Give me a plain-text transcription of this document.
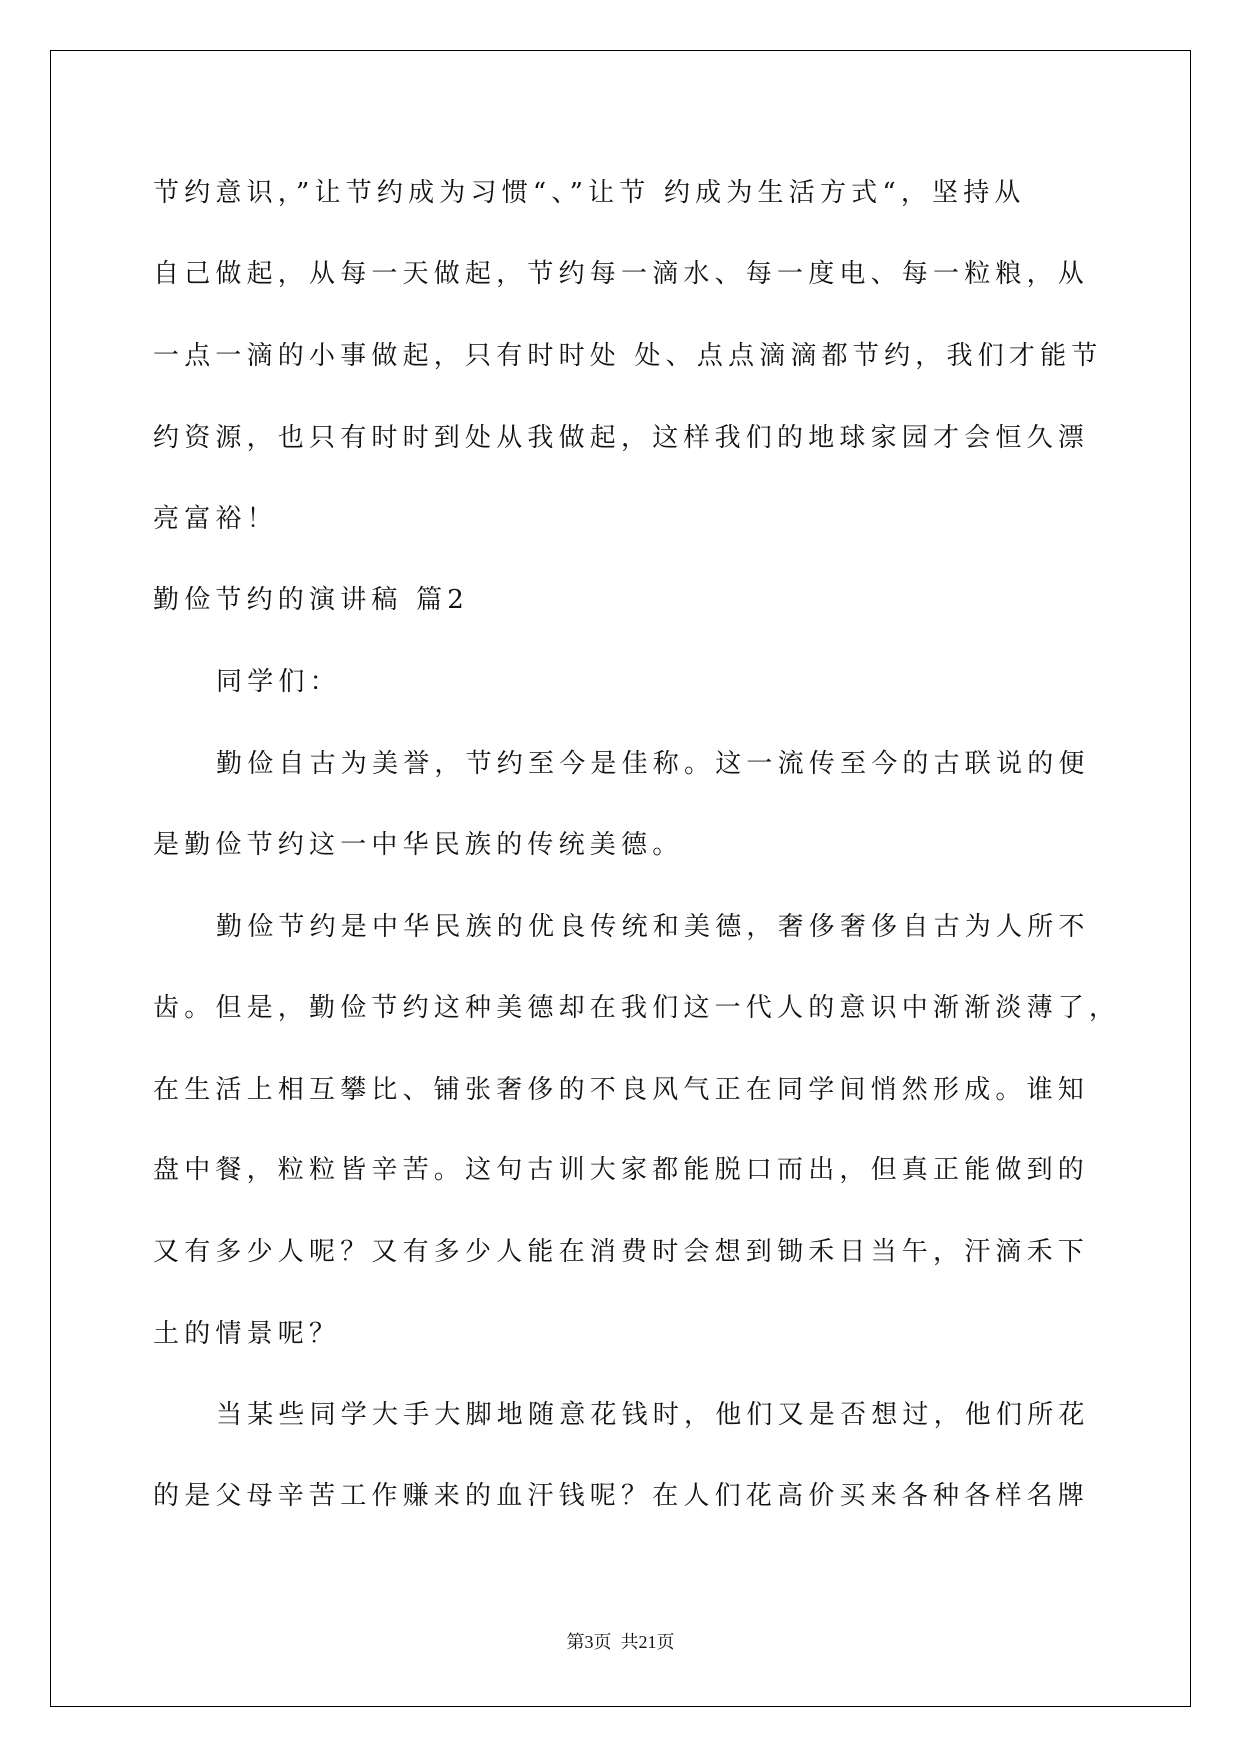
节约意识，”让节约成为习惯“、”让节 约成为生活方式“，坚持从
自己做起，从每一天做起，节约每一滴水、每一度电、每一粒粮，从
一点一滴的小事做起，只有时时处 处、点点滴滴都节约，我们才能节
约资源，也只有时时到处从我做起，这样我们的地球家园才会恒久漂
亮富裕！
勤俭节约的演讲稿 篇2
同学们：
勤俭自古为美誉，节约至今是佳称。这一流传至今的古联说的便
是勤俭节约这一中华民族的传统美德。
勤俭节约是中华民族的优良传统和美德，奢侈奢侈自古为人所不
齿。但是，勤俭节约这种美德却在我们这一代人的意识中渐渐淡薄了，
在生活上相互攀比、铺张奢侈的不良风气正在同学间悄然形成。谁知
盘中餐，粒粒皆辛苦。这句古训大家都能脱口而出，但真正能做到的
又有多少人呢？又有多少人能在消费时会想到锄禾日当午，汗滴禾下
土的情景呢？
当某些同学大手大脚地随意花钱时，他们又是否想过，他们所花
的是父母辛苦工作赚来的血汗钱呢？在人们花高价买来各种各样名牌
第3页  共21页
